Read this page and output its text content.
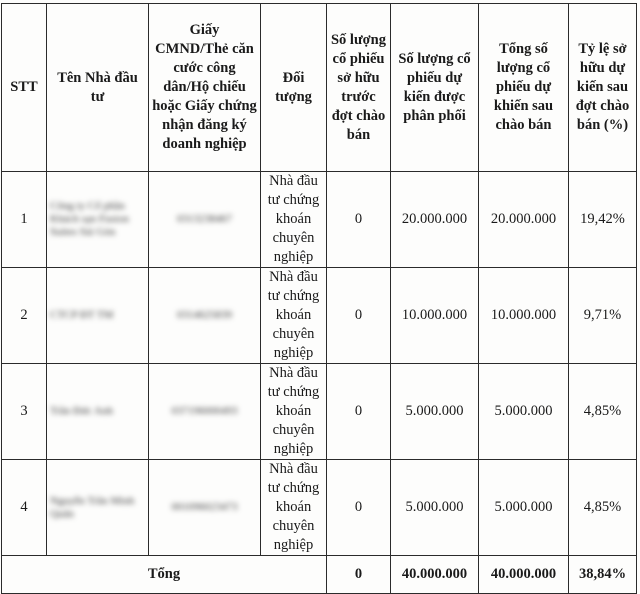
STT	Tên Nhà đầu tư	Giấy CMND/Thẻ căn cước công dân/Hộ chiếu hoặc Giấy chứng nhận đăng ký doanh nghiệp	Đối tượng	Số lượng cổ phiếu sở hữu trước đợt chào bán	Số lượng cổ phiếu dự kiến được phân phối	Tổng số lượng cổ phiếu dự khiến sau chào bán	Tỷ lệ sở hữu dự kiến sau đợt chào bán (%)
1	Công ty Cổ phần Khách sạn Fusion Suites Sài Gòn	0313238467	Nhà đầu tư chứng khoán chuyên nghiệp	0	20.000.000	20.000.000	19,42%
2	CTCP ĐT TM	0314625839	Nhà đầu tư chứng khoán chuyên nghiệp	0	10.000.000	10.000.000	9,71%
3	Trần Đức Anh	037196000493	Nhà đầu tư chứng khoán chuyên nghiệp	0	5.000.000	5.000.000	4,85%
4	Nguyễn Trần Minh Quân	001096023473	Nhà đầu tư chứng khoán chuyên nghiệp	0	5.000.000	5.000.000	4,85%
Tổng				0	40.000.000	40.000.000	38,84%
